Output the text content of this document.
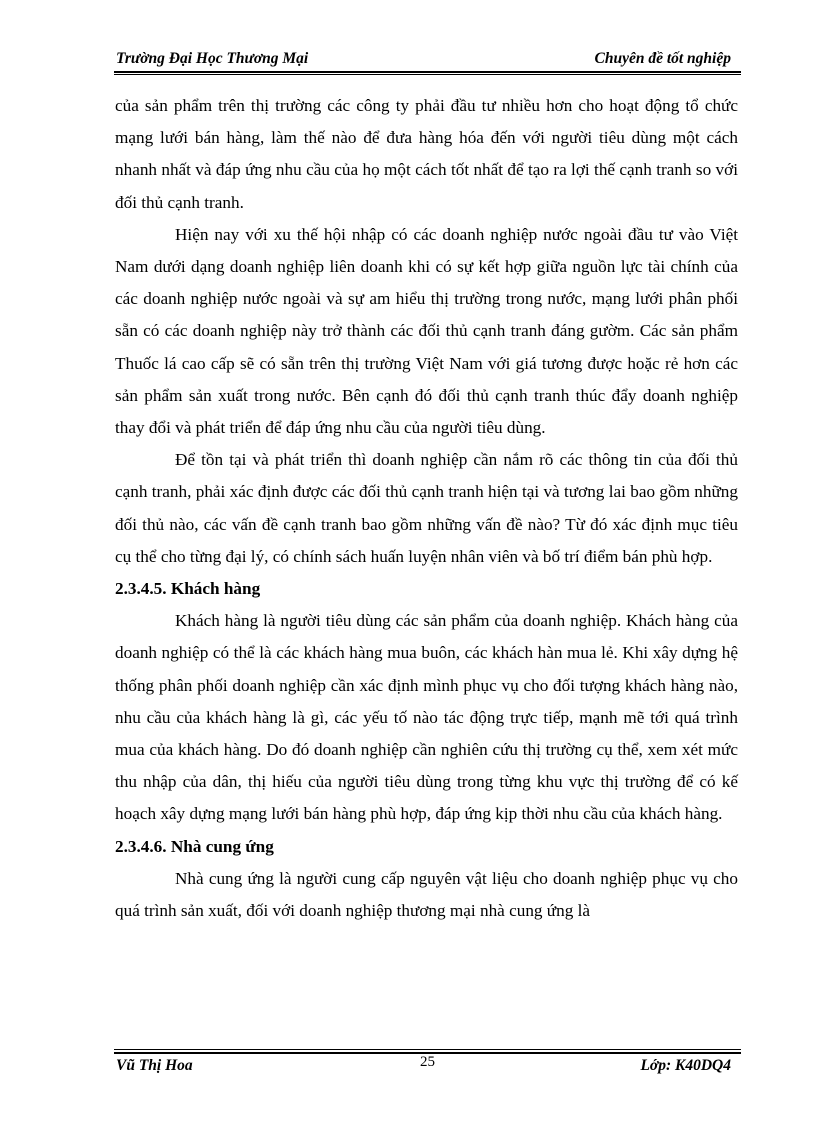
Trường Đại Học Thương Mại	Chuyên đề tốt nghiệp

của sản phẩm trên thị trường các công ty phải đầu tư nhiều hơn cho hoạt động tổ chức mạng lưới bán hàng, làm thế nào để đưa hàng hóa đến với người tiêu dùng một cách nhanh nhất và đáp ứng nhu cầu của họ một cách tốt nhất để tạo ra lợi thế cạnh tranh so với đối thủ cạnh tranh.

Hiện nay với xu thế hội nhập có các doanh nghiệp nước ngoài đầu tư vào Việt Nam dưới dạng doanh nghiệp liên doanh khi có sự kết hợp giữa nguồn lực tài chính của các doanh nghiệp nước ngoài và sự am hiểu thị trường trong nước, mạng lưới phân phối sẵn có các doanh nghiệp này trở thành các đối thủ cạnh tranh đáng gườm. Các sản phẩm Thuốc lá cao cấp sẽ có sẵn trên thị trường Việt Nam với giá tương được hoặc rẻ hơn các sản phẩm sản xuất trong nước. Bên cạnh đó đối thủ cạnh tranh thúc đẩy doanh nghiệp thay đổi và phát triển để đáp ứng nhu cầu của người tiêu dùng.

Để tồn tại và phát triển thì doanh nghiệp cần nắm rõ các thông tin của đối thủ cạnh tranh, phải xác định được các đối thủ cạnh tranh hiện tại và tương lai bao gồm những đối thủ nào, các vấn đề cạnh tranh bao gồm những vấn đề nào? Từ đó xác định mục tiêu cụ thể cho từng đại lý, có chính sách huấn luyện nhân viên và bố trí điểm bán phù hợp.

2.3.4.5. Khách hàng

Khách hàng là người tiêu dùng các sản phẩm của doanh nghiệp. Khách hàng của doanh nghiệp có thể là các khách hàng mua buôn, các khách hàn mua lẻ. Khi xây dựng hệ thống phân phối doanh nghiệp cần xác định mình phục vụ cho đối tượng khách hàng nào, nhu cầu của khách hàng là gì, các yếu tố nào tác động trực tiếp, mạnh mẽ tới quá trình mua của khách hàng. Do đó doanh nghiệp cần nghiên cứu thị trường cụ thể, xem xét mức thu nhập của dân, thị hiếu của người tiêu dùng trong từng khu vực thị trường để có kế hoạch xây dựng mạng lưới bán hàng phù hợp, đáp ứng kịp thời nhu cầu của khách hàng.

2.3.4.6. Nhà cung ứng

Nhà cung ứng là người cung cấp nguyên vật liệu cho doanh nghiệp phục vụ cho quá trình sản xuất, đối với doanh nghiệp thương mại nhà cung ứng là

Vũ Thị Hoa	25	Lớp: K40DQ4
